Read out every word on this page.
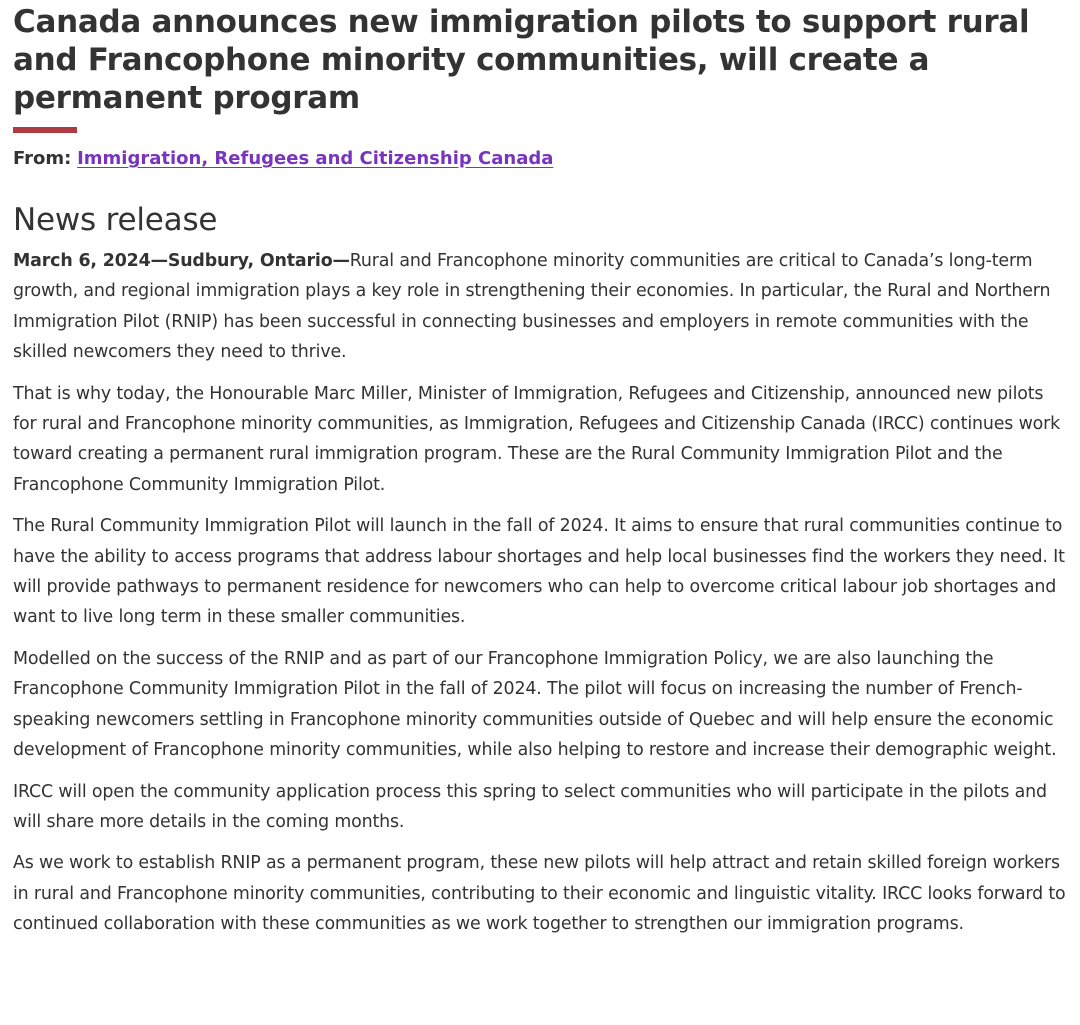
Canada announces new immigration pilots to support rural and Francophone minority communities, will create a permanent program

From: Immigration, Refugees and Citizenship Canada

News release

March 6, 2024—Sudbury, Ontario—Rural and Francophone minority communities are critical to Canada’s long-term growth, and regional immigration plays a key role in strengthening their economies. In particular, the Rural and Northern Immigration Pilot (RNIP) has been successful in connecting businesses and employers in remote communities with the skilled newcomers they need to thrive.

That is why today, the Honourable Marc Miller, Minister of Immigration, Refugees and Citizenship, announced new pilots for rural and Francophone minority communities, as Immigration, Refugees and Citizenship Canada (IRCC) continues work toward creating a permanent rural immigration program. These are the Rural Community Immigration Pilot and the Francophone Community Immigration Pilot.

The Rural Community Immigration Pilot will launch in the fall of 2024. It aims to ensure that rural communities continue to have the ability to access programs that address labour shortages and help local businesses find the workers they need. It will provide pathways to permanent residence for newcomers who can help to overcome critical labour job shortages and want to live long term in these smaller communities.

Modelled on the success of the RNIP and as part of our Francophone Immigration Policy, we are also launching the Francophone Community Immigration Pilot in the fall of 2024. The pilot will focus on increasing the number of French-speaking newcomers settling in Francophone minority communities outside of Quebec and will help ensure the economic development of Francophone minority communities, while also helping to restore and increase their demographic weight.

IRCC will open the community application process this spring to select communities who will participate in the pilots and will share more details in the coming months.

As we work to establish RNIP as a permanent program, these new pilots will help attract and retain skilled foreign workers in rural and Francophone minority communities, contributing to their economic and linguistic vitality. IRCC looks forward to continued collaboration with these communities as we work together to strengthen our immigration programs.
